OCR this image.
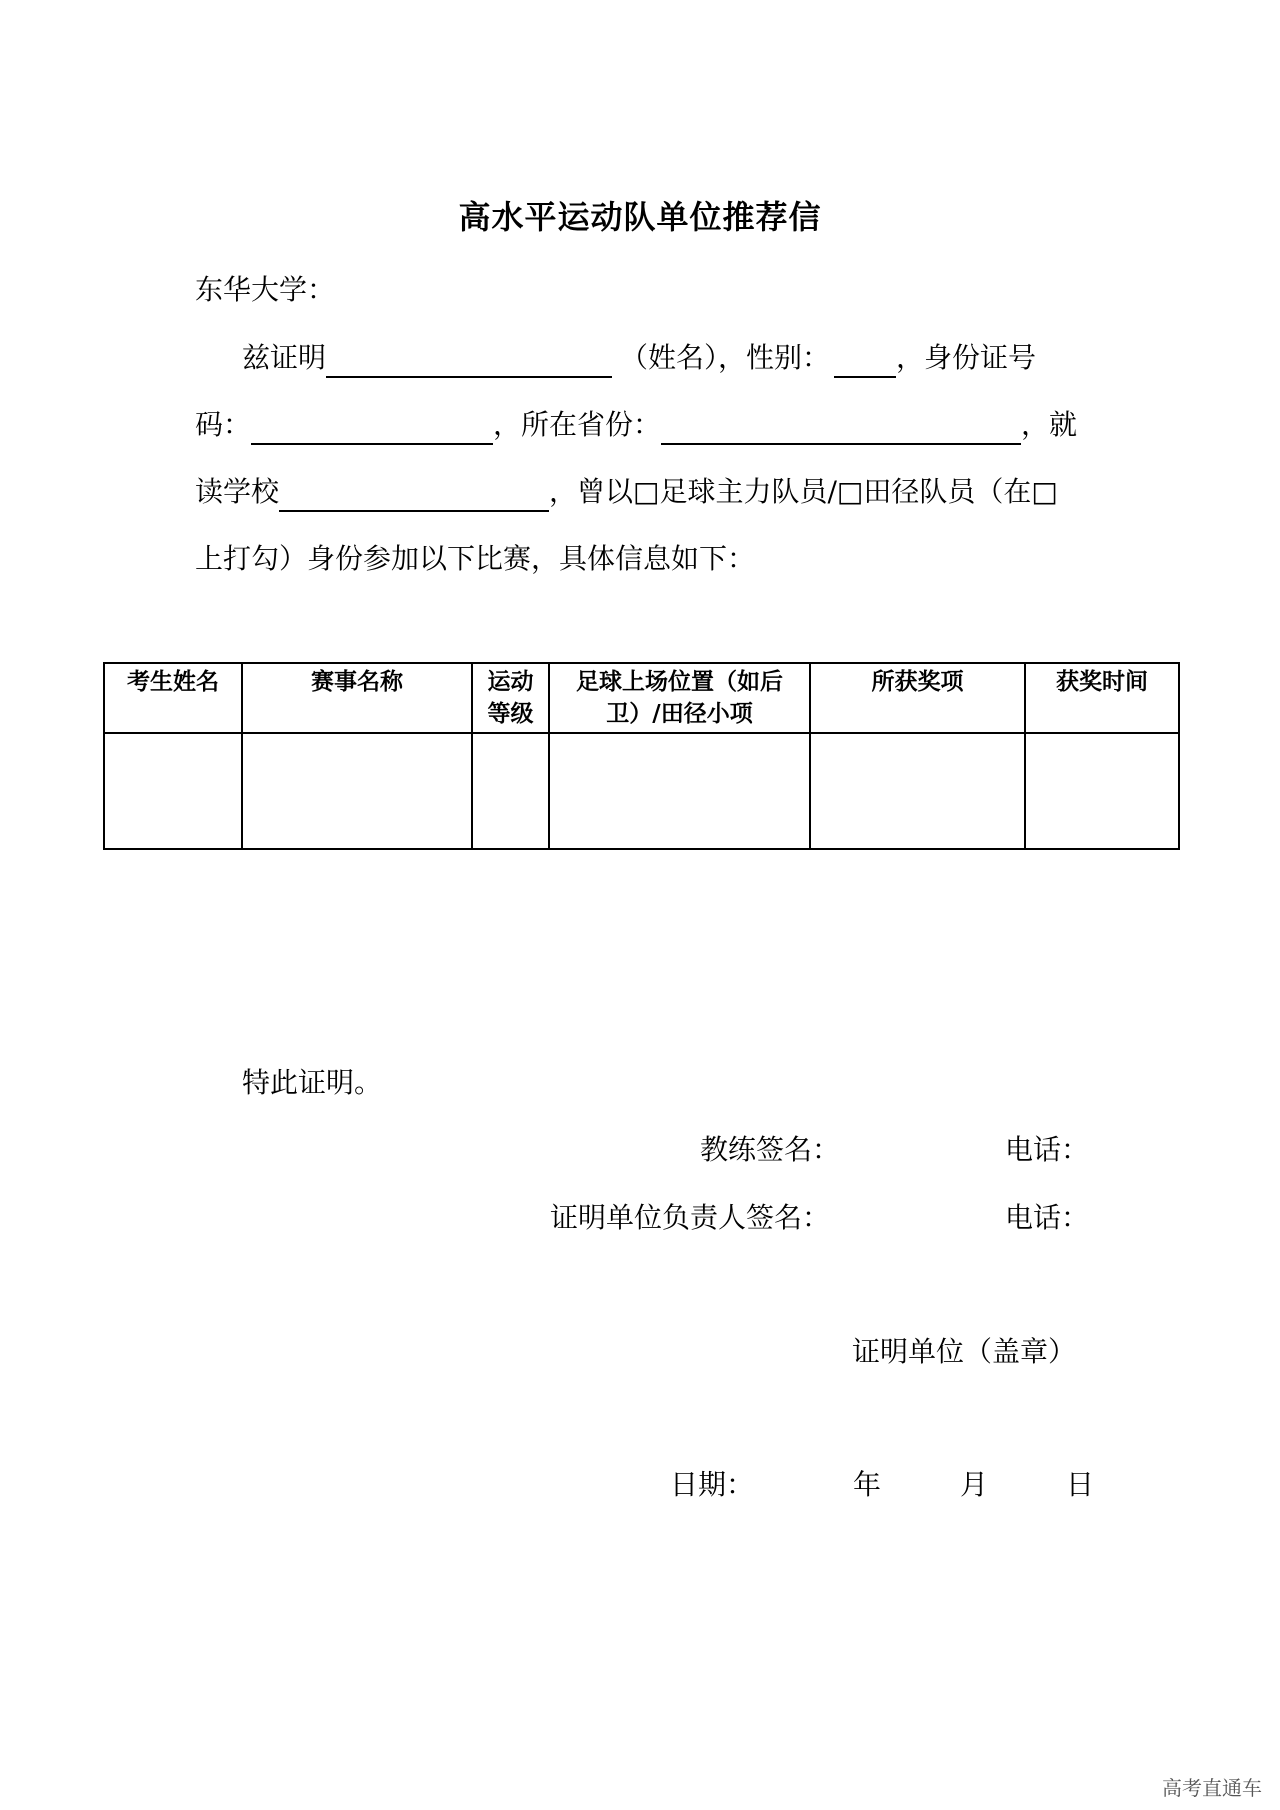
高水平运动队单位推荐信
东华大学：
兹证明	（姓名），性别： ，身份证号
码：	，所在省份：	，就
读学校	，曾以□足球主力队员/□田径队员（在□
上打勾）身份参加以下比赛，具体信息如下：
考生姓名	赛事名称	运动等级	足球上场位置（如后卫）/田径小项	所获奖项	获奖时间

特此证明。
教练签名：	电话：
证明单位负责人签名：	电话：
证明单位（盖章）
日期：	年	月	日
高考直通车
